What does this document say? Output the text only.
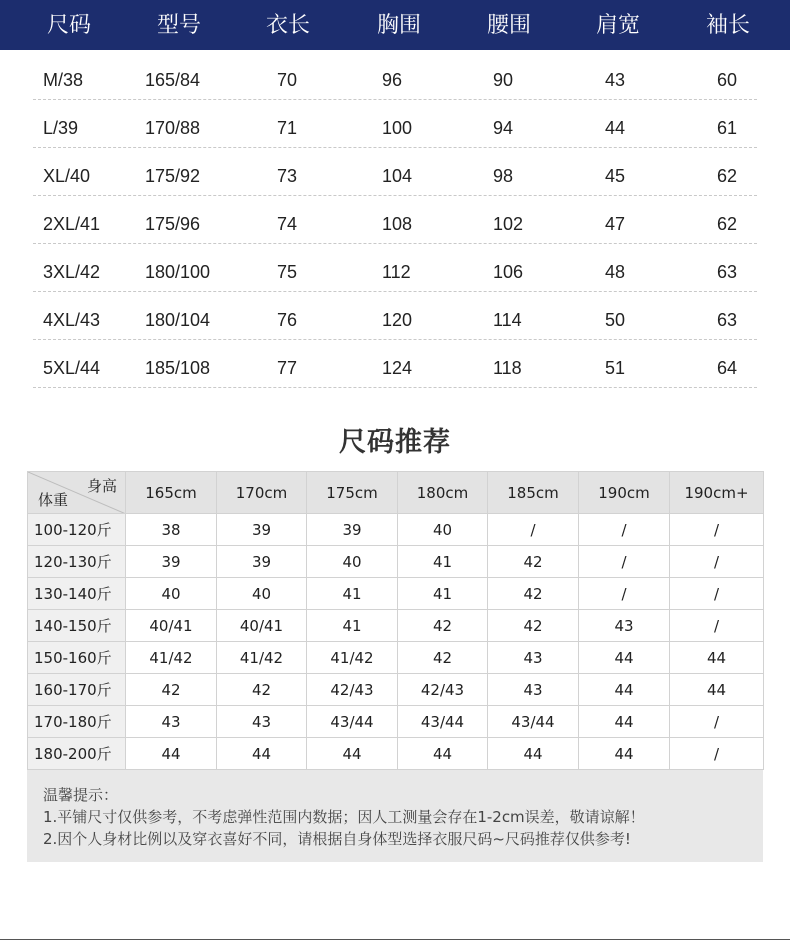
尺码	型号	衣长	胸围	腰围	肩宽	袖长
M/38	165/84	70	96	90	43	60
L/39	170/88	71	100	94	44	61
XL/40	175/92	73	104	98	45	62
2XL/41 175/96	74	108	102	47	62
3XL/42 180/100	75	112	106	48	63
4XL/43 180/104	76	120	114	50	63
5XL/44 185/108	77	124	118	51	64
尺码推荐
身高
体重	165cm	170cm	175cm	180cm	185cm	190cm	190cm+
100-120斤	38	39	39	40	/	/	/
120-130斤	39	39	40	41	42	/	/
130-140斤	40	40	41	41	42	/	/
140-150斤	40/41	40/41	41	42	42	43	/
150-160斤	41/42	41/42	41/42	42	43	44	44
160-170斤	42	42	42/43	42/43	43	44	44
170-180斤	43	43	43/44	43/44	43/44	44	/
180-200斤	44	44	44	44	44	44	/
温馨提示：
1.平铺尺寸仅供参考，不考虑弹性范围内数据；因人工测量会存在1-2cm误差，敬请谅解！
2.因个人身材比例以及穿衣喜好不同，请根据自身体型选择衣服尺码~尺码推荐仅供参考!
